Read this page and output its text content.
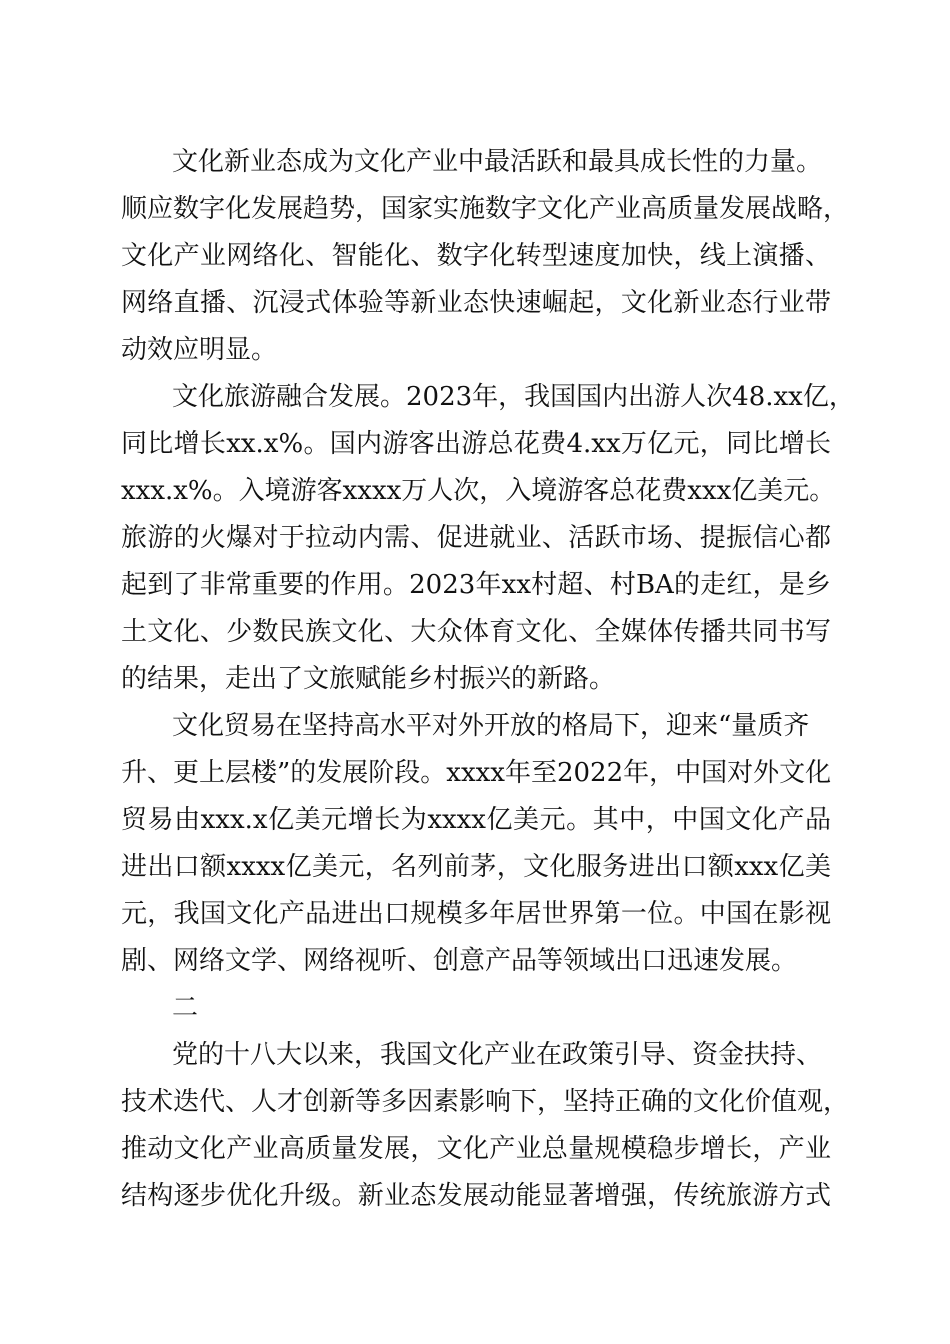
文化新业态成为文化产业中最活跃和最具成长性的力量。
顺应数字化发展趋势，国家实施数字文化产业高质量发展战略，
文化产业网络化、智能化、数字化转型速度加快，线上演播、
网络直播、沉浸式体验等新业态快速崛起，文化新业态行业带
动效应明显。
文化旅游融合发展。2023年，我国国内出游人次48.xx亿，
同比增长xx.x%。国内游客出游总花费4.xx万亿元，同比增长
xxx.x%。入境游客xxxx万人次，入境游客总花费xxx亿美元。
旅游的火爆对于拉动内需、促进就业、活跃市场、提振信心都
起到了非常重要的作用。2023年xx村超、村BA的走红，是乡
土文化、少数民族文化、大众体育文化、全媒体传播共同书写
的结果，走出了文旅赋能乡村振兴的新路。
文化贸易在坚持高水平对外开放的格局下，迎来“量质齐
升、更上层楼”的发展阶段。xxxx年至2022年，中国对外文化
贸易由xxx.x亿美元增长为xxxx亿美元。其中，中国文化产品
进出口额xxxx亿美元，名列前茅，文化服务进出口额xxx亿美
元，我国文化产品进出口规模多年居世界第一位。中国在影视
剧、网络文学、网络视听、创意产品等领域出口迅速发展。
二
党的十八大以来，我国文化产业在政策引导、资金扶持、
技术迭代、人才创新等多因素影响下，坚持正确的文化价值观，
推动文化产业高质量发展，文化产业总量规模稳步增长，产业
结构逐步优化升级。新业态发展动能显著增强，传统旅游方式
